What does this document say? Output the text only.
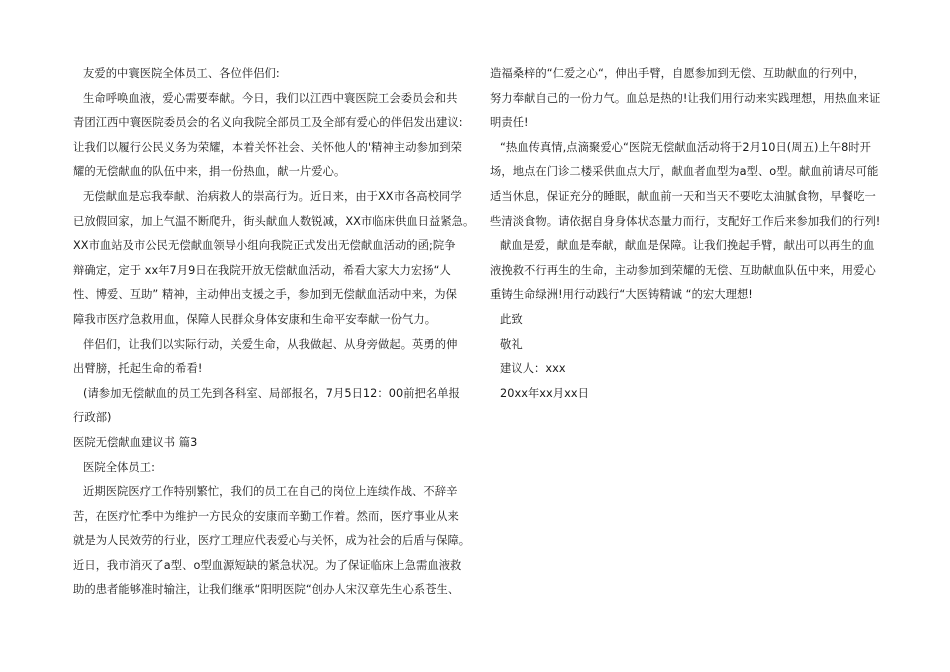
友爱的中寰医院全体员工、各位伴侣们:
生命呼唤血液，爱心需要奉献。今日，我们以江西中寰医院工会委员会和共
青团江西中寰医院委员会的名义向我院全部员工及全部有爱心的伴侣发出建议:
让我们以履行公民义务为荣耀，本着关怀社会、关怀他人的'精神主动参加到荣
耀的无偿献血的队伍中来，捐一份热血，献一片爱心。
无偿献血是忘我奉献、治病救人的崇高行为。近日来，由于XX市各高校同学
已放假回家，加上气温不断爬升，街头献血人数锐减，XX市临床供血日益紧急。
XX市血站及市公民无偿献血领导小组向我院正式发出无偿献血活动的函;院争
辩确定，定于 xx年7月9日在我院开放无偿献血活动，希看大家大力宏扬“人
性、博爱、互助” 精神，主动伸出支援之手，参加到无偿献血活动中来，为保
障我市医疗急救用血，保障人民群众身体安康和生命平安奉献一份气力。
伴侣们，让我们以实际行动，关爱生命，从我做起、从身旁做起。英勇的伸
出臂膀，托起生命的希看!
(请参加无偿献血的员工先到各科室、局部报名，7月5日12：00前把名单报
行政部)
医院无偿献血建议书 篇3
医院全体员工:
近期医院医疗工作特别繁忙，我们的员工在自己的岗位上连续作战、不辞辛
苦，在医疗忙季中为维护一方民众的安康而辛勤工作着。然而，医疗事业从来
就是为人民效劳的行业，医疗工理应代表爱心与关怀，成为社会的后盾与保障。
近日，我市消灭了a型、o型血源短缺的紧急状况。为了保证临床上急需血液救
助的患者能够准时输注，让我们继承“阳明医院“创办人宋汉章先生心系苍生、
造福桑梓的“仁爱之心“，伸出手臂，自愿参加到无偿、互助献血的行列中，
努力奉献自己的一份力气。血总是热的!让我们用行动来实践理想，用热血来证
明责任!
“热血传真情,点滴聚爱心“医院无偿献血活动将于2月10日(周五)上午8时开
场，地点在门诊二楼采供血点大厅，献血者血型为a型、o型。献血前请尽可能
适当休息，保证充分的睡眠，献血前一天和当天不要吃太油腻食物，早餐吃一
些清淡食物。请依据自身身体状态量力而行，支配好工作后来参加我们的行列!
献血是爱，献血是奉献，献血是保障。让我们挽起手臂，献出可以再生的血
液挽救不行再生的生命，主动参加到荣耀的无偿、互助献血队伍中来，用爱心
重铸生命绿洲!用行动践行“大医铸精诚 “的宏大理想!
此致
敬礼
建议人：xxx
20xx年xx月xx日
